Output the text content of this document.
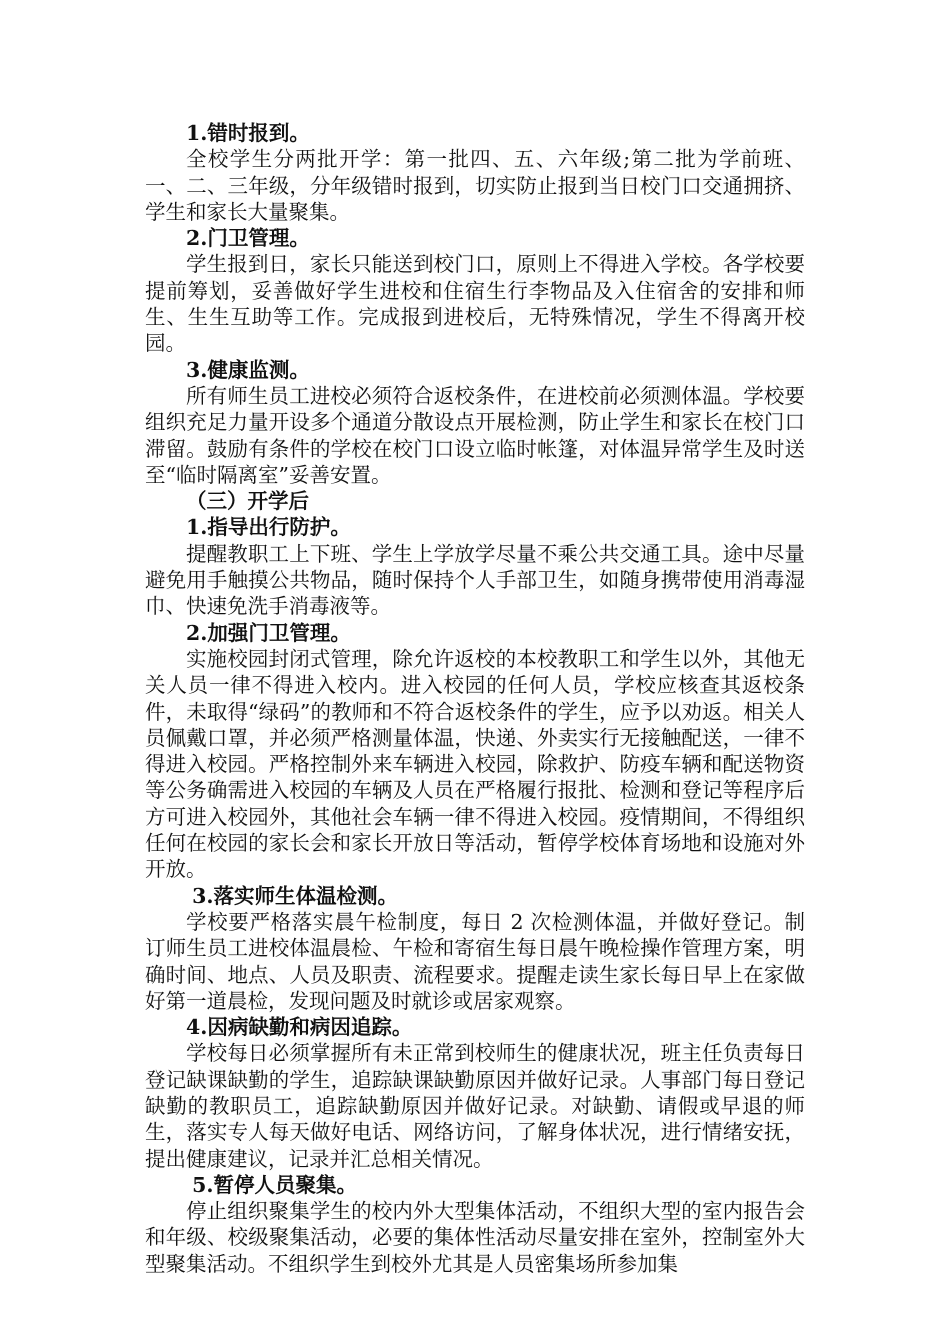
1.错时报到。

全校学生分两批开学：第一批四、五、六年级;第二批为学前班、一、二、三年级，分年级错时报到，切实防止报到当日校门口交通拥挤、学生和家长大量聚集。

2.门卫管理。

学生报到日，家长只能送到校门口，原则上不得进入学校。各学校要提前筹划，妥善做好学生进校和住宿生行李物品及入住宿舍的安排和师生、生生互助等工作。完成报到进校后，无特殊情况，学生不得离开校园。

3.健康监测。

所有师生员工进校必须符合返校条件，在进校前必须测体温。学校要组织充足力量开设多个通道分散设点开展检测，防止学生和家长在校门口滞留。鼓励有条件的学校在校门口设立临时帐篷，对体温异常学生及时送至“临时隔离室”妥善安置。

（三）开学后
1.指导出行防护。

提醒教职工上下班、学生上学放学尽量不乘公共交通工具。途中尽量避免用手触摸公共物品，随时保持个人手部卫生，如随身携带使用消毒湿巾、快速免洗手消毒液等。

2.加强门卫管理。

实施校园封闭式管理，除允许返校的本校教职工和学生以外，其他无关人员一律不得进入校内。进入校园的任何人员，学校应核查其返校条件，未取得“绿码”的教师和不符合返校条件的学生，应予以劝返。相关人员佩戴口罩，并必须严格测量体温，快递、外卖实行无接触配送，一律不得进入校园。严格控制外来车辆进入校园，除救护、防疫车辆和配送物资等公务确需进入校园的车辆及人员在严格履行报批、检测和登记等程序后方可进入校园外，其他社会车辆一律不得进入校园。疫情期间，不得组织任何在校园的家长会和家长开放日等活动，暂停学校体育场地和设施对外开放。

3.落实师生体温检测。

学校要严格落实晨午检制度，每日 2 次检测体温，并做好登记。制订师生员工进校体温晨检、午检和寄宿生每日晨午晚检操作管理方案，明确时间、地点、人员及职责、流程要求。提醒走读生家长每日早上在家做好第一道晨检，发现问题及时就诊或居家观察。

4.因病缺勤和病因追踪。

学校每日必须掌握所有未正常到校师生的健康状况，班主任负责每日登记缺课缺勤的学生，追踪缺课缺勤原因并做好记录。人事部门每日登记缺勤的教职员工，追踪缺勤原因并做好记录。对缺勤、请假或早退的师生，落实专人每天做好电话、网络访问，了解身体状况，进行情绪安抚，提出健康建议，记录并汇总相关情况。

5.暂停人员聚集。

停止组织聚集学生的校内外大型集体活动，不组织大型的室内报告会和年级、校级聚集活动，必要的集体性活动尽量安排在室外，控制室外大型聚集活动。不组织学生到校外尤其是人员密集场所参加集
